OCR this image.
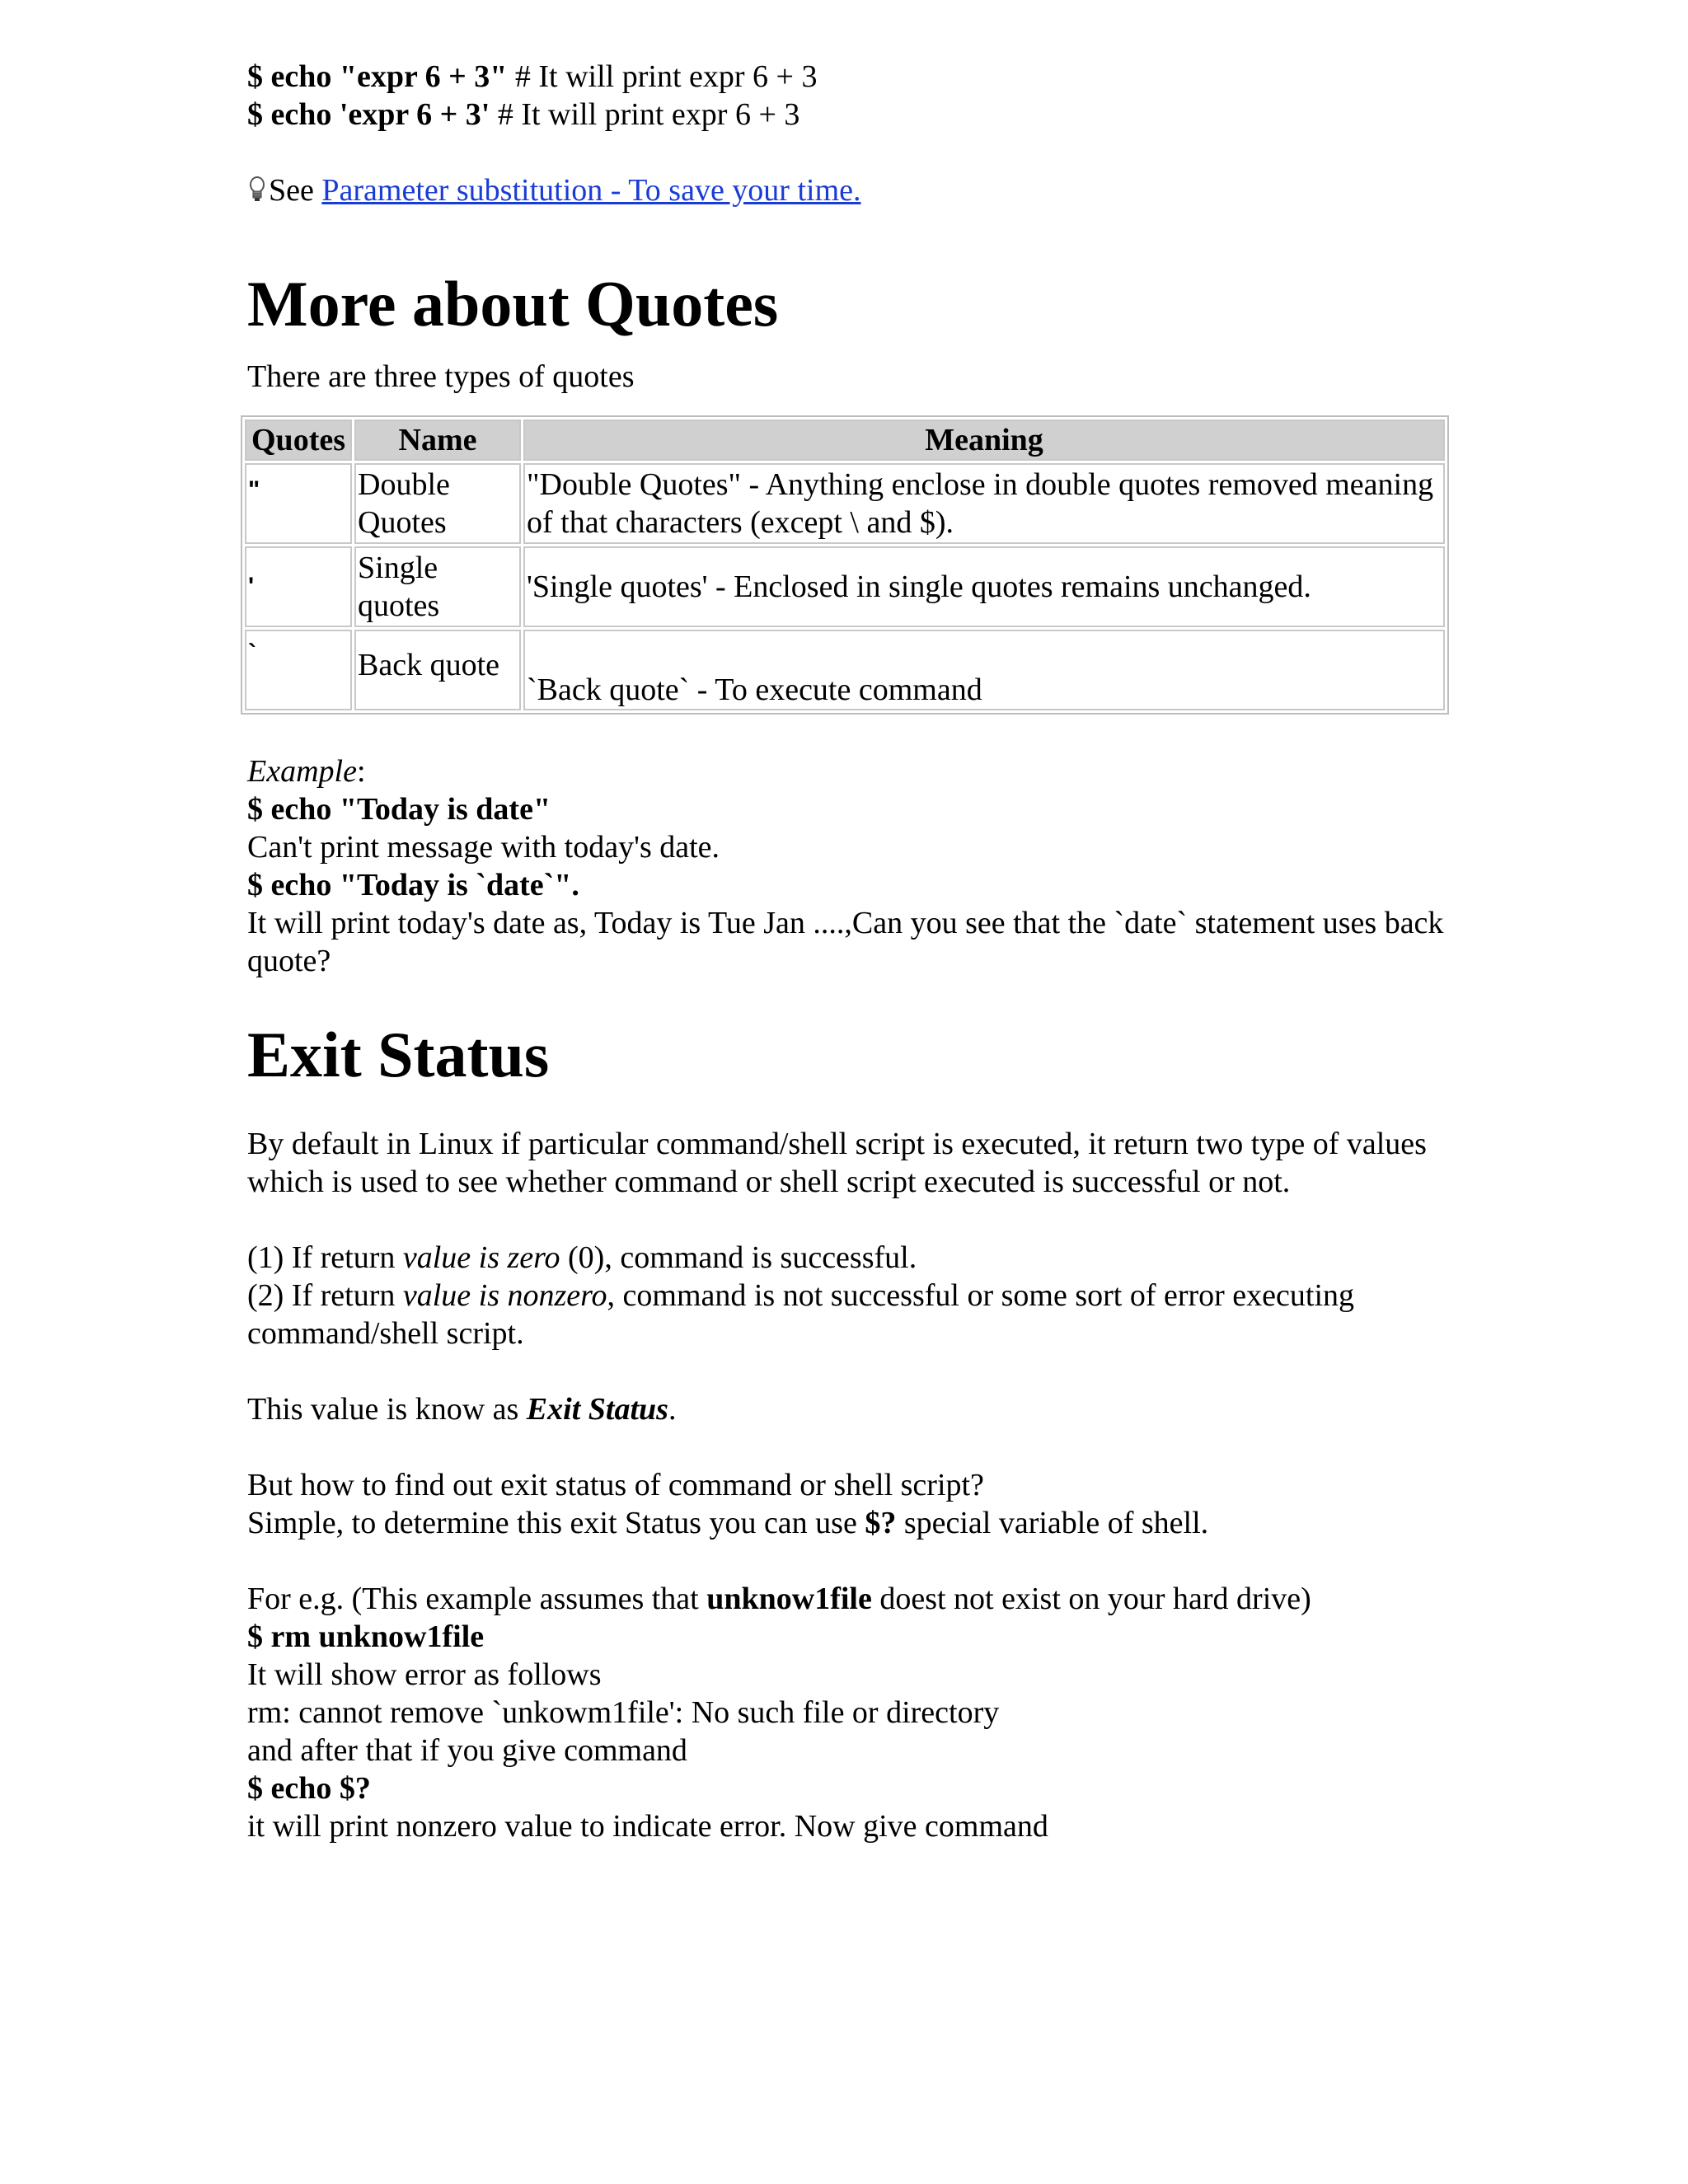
$ echo "expr 6 + 3" # It will print expr 6 + 3

$ echo 'expr 6 + 3' # It will print expr 6 + 3

See Parameter substitution - To save your time.

More about Quotes

There are three types of quotes

Quotes	Name	Meaning
"	Double Quotes	"Double Quotes" - Anything enclose in double quotes removed meaning of that characters (except \ and $).
'	Single quotes	'Single quotes' - Enclosed in single quotes remains unchanged.
`	Back quote	`Back quote` - To execute command

Example:

$ echo "Today is date"

Can't print message with today's date.

$ echo "Today is `date`".

It will print today's date as, Today is Tue Jan ....,Can you see that the `date` statement uses back quote?

Exit Status

By default in Linux if particular command/shell script is executed, it return two type of values which is used to see whether command or shell script executed is successful or not.

(1) If return value is zero (0), command is successful.

(2) If return value is nonzero, command is not successful or some sort of error executing command/shell script.

This value is know as Exit Status.

But how to find out exit status of command or shell script?

Simple, to determine this exit Status you can use $? special variable of shell.

For e.g. (This example assumes that unknow1file doest not exist on your hard drive)

$ rm unknow1file

It will show error as follows

rm: cannot remove `unkowm1file': No such file or directory

and after that if you give command

$ echo $?

it will print nonzero value to indicate error. Now give command
